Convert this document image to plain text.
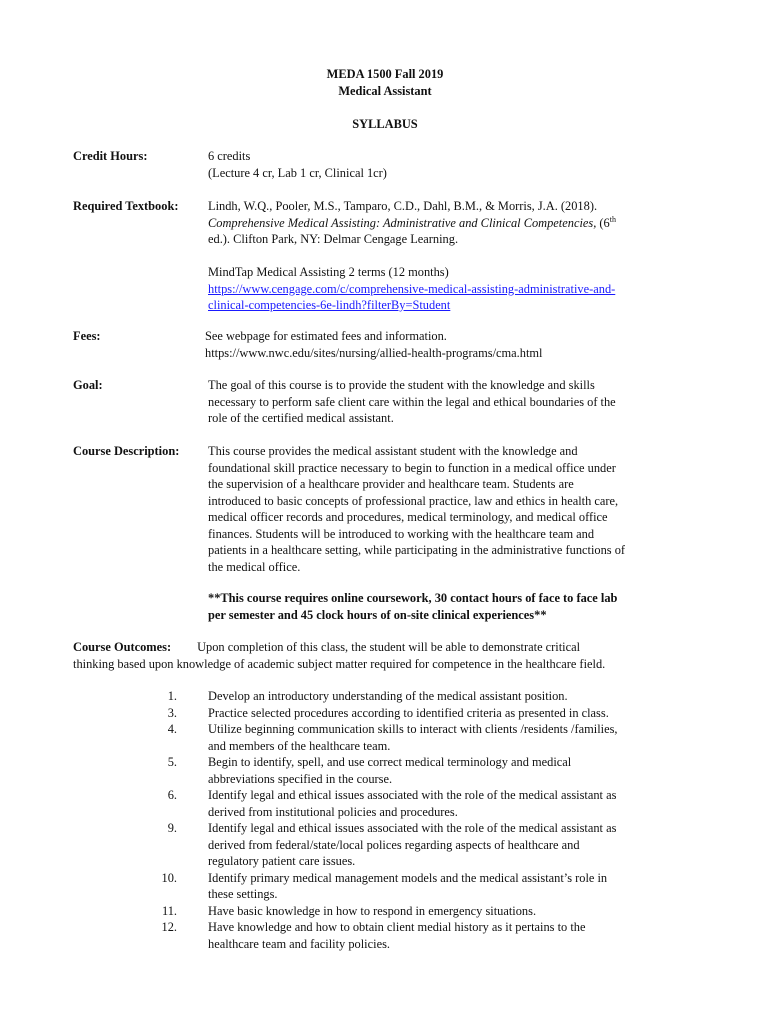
MEDA 1500 Fall 2019
Medical Assistant
SYLLABUS
Credit Hours:	6 credits
(Lecture 4 cr, Lab 1 cr, Clinical 1cr)
Required Textbook: Lindh, W.Q., Pooler, M.S., Tamparo, C.D., Dahl, B.M., & Morris, J.A. (2018).
Comprehensive Medical Assisting: Administrative and Clinical Competencies, (6th
ed.). Clifton Park, NY: Delmar Cengage Learning.
MindTap Medical Assisting 2 terms (12 months)
https://www.cengage.com/c/comprehensive-medical-assisting-administrative-and-
clinical-competencies-6e-lindh?filterBy=Student
Fees:	See webpage for estimated fees and information.
https://www.nwc.edu/sites/nursing/allied-health-programs/cma.html
Goal:	The goal of this course is to provide the student with the knowledge and skills
necessary to perform safe client care within the legal and ethical boundaries of the
role of the certified medical assistant.
Course Description: This course provides the medical assistant student with the knowledge and
foundational skill practice necessary to begin to function in a medical office under
the supervision of a healthcare provider and healthcare team. Students are
introduced to basic concepts of professional practice, law and ethics in health care,
medical officer records and procedures, medical terminology, and medical office
finances. Students will be introduced to working with the healthcare team and
patients in a healthcare setting, while participating in the administrative functions of
the medical office.
**This course requires online coursework, 30 contact hours of face to face lab
per semester and 45 clock hours of on-site clinical experiences**
Course Outcomes: Upon completion of this class, the student will be able to demonstrate critical
thinking based upon knowledge of academic subject matter required for competence in the healthcare field.
1.	Develop an introductory understanding of the medical assistant position.
3.	Practice selected procedures according to identified criteria as presented in class.
4.	Utilize beginning communication skills to interact with clients /residents /families,
and members of the healthcare team.
5.	Begin to identify, spell, and use correct medical terminology and medical
abbreviations specified in the course.
6.	Identify legal and ethical issues associated with the role of the medical assistant as
derived from institutional policies and procedures.
9.	Identify legal and ethical issues associated with the role of the medical assistant as
derived from federal/state/local polices regarding aspects of healthcare and
regulatory patient care issues.
10.	Identify primary medical management models and the medical assistant’s role in
these settings.
11.	Have basic knowledge in how to respond in emergency situations.
12.	Have knowledge and how to obtain client medial history as it pertains to the
healthcare team and facility policies.
